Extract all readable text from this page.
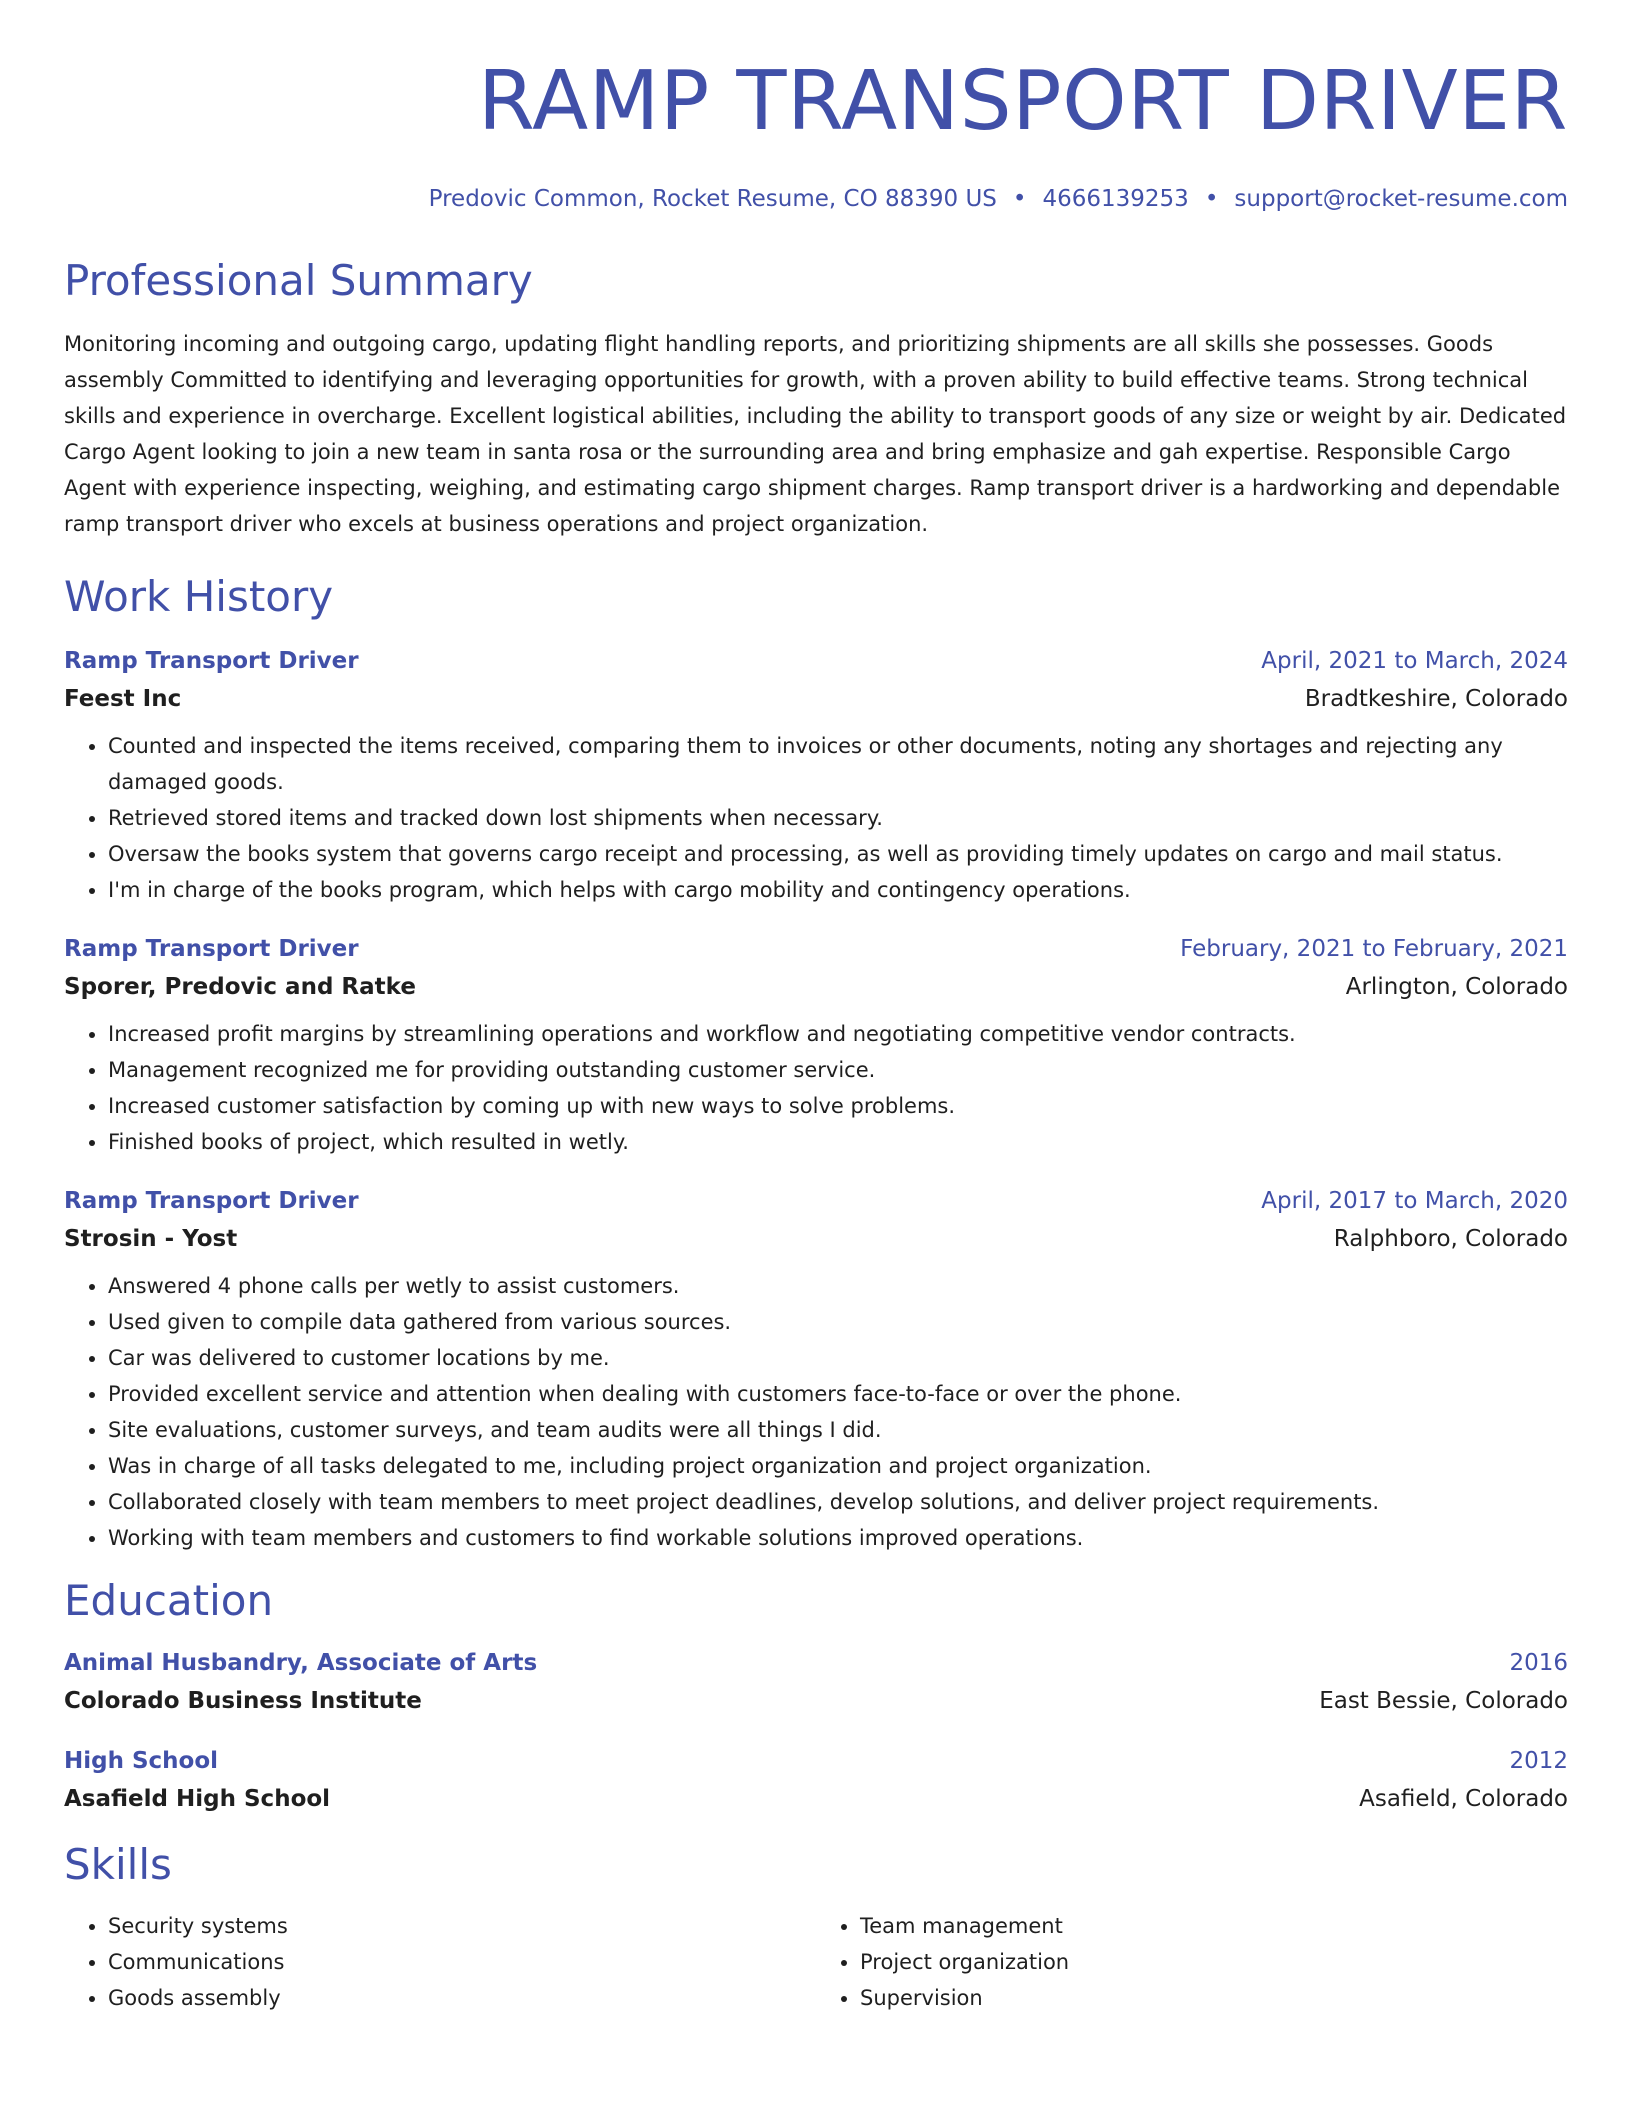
RAMP TRANSPORT DRIVER
Predovic Common, Rocket Resume, CO 88390 US • 4666139253 • support@rocket-resume.com
Professional Summary
Monitoring incoming and outgoing cargo, updating flight handling reports, and prioritizing shipments are all skills she possesses. Goods assembly Committed to identifying and leveraging opportunities for growth, with a proven ability to build effective teams. Strong technical skills and experience in overcharge. Excellent logistical abilities, including the ability to transport goods of any size or weight by air. Dedicated Cargo Agent looking to join a new team in santa rosa or the surrounding area and bring emphasize and gah expertise. Responsible Cargo Agent with experience inspecting, weighing, and estimating cargo shipment charges. Ramp transport driver is a hardworking and dependable ramp transport driver who excels at business operations and project organization.
Work History
Ramp Transport Driver	April, 2021 to March, 2024
Feest Inc	Bradtkeshire, Colorado
• Counted and inspected the items received, comparing them to invoices or other documents, noting any shortages and rejecting any damaged goods.
• Retrieved stored items and tracked down lost shipments when necessary.
• Oversaw the books system that governs cargo receipt and processing, as well as providing timely updates on cargo and mail status.
• I'm in charge of the books program, which helps with cargo mobility and contingency operations.
Ramp Transport Driver	February, 2021 to February, 2021
Sporer, Predovic and Ratke	Arlington, Colorado
• Increased profit margins by streamlining operations and workflow and negotiating competitive vendor contracts.
• Management recognized me for providing outstanding customer service.
• Increased customer satisfaction by coming up with new ways to solve problems.
• Finished books of project, which resulted in wetly.
Ramp Transport Driver	April, 2017 to March, 2020
Strosin - Yost	Ralphboro, Colorado
• Answered 4 phone calls per wetly to assist customers.
• Used given to compile data gathered from various sources.
• Car was delivered to customer locations by me.
• Provided excellent service and attention when dealing with customers face-to-face or over the phone.
• Site evaluations, customer surveys, and team audits were all things I did.
• Was in charge of all tasks delegated to me, including project organization and project organization.
• Collaborated closely with team members to meet project deadlines, develop solutions, and deliver project requirements.
• Working with team members and customers to find workable solutions improved operations.
Education
Animal Husbandry, Associate of Arts	2016
Colorado Business Institute	East Bessie, Colorado
High School	2012
Asafield High School	Asafield, Colorado
Skills
• Security systems
• Communications
• Goods assembly
• Team management
• Project organization
• Supervision
